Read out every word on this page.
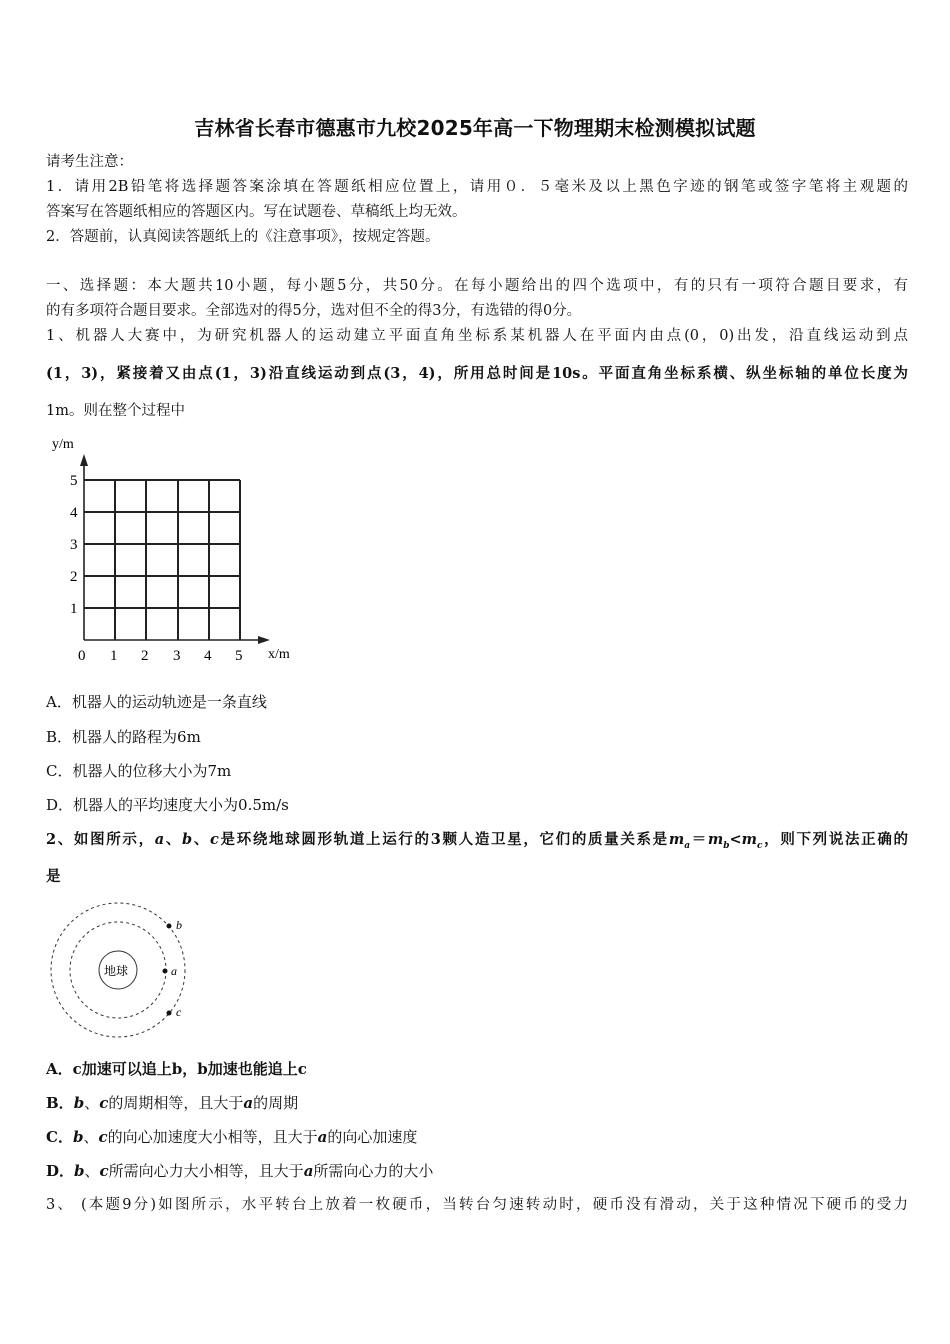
吉林省长春市德惠市九校2025年高一下物理期末检测模拟试题
请考生注意：
1．请用2B铅笔将选择题答案涂填在答题纸相应位置上，请用０．５毫米及以上黑色字迹的钢笔或签字笔将主观题的
答案写在答题纸相应的答题区内。写在试题卷、草稿纸上均无效。
2．答题前，认真阅读答题纸上的《注意事项》，按规定答题。
一、选择题：本大题共10小题，每小题5分，共50分。在每小题给出的四个选项中，有的只有一项符合题目要求，有
的有多项符合题目要求。全部选对的得5分，选对但不全的得3分，有选错的得0分。
1、机器人大赛中，为研究机器人的运动建立平面直角坐标系某机器人在平面内由点(0，0)出发，沿直线运动到点
(1，3)，紧接着又由点(1，3)沿直线运动到点(3，4)，所用总时间是10s。平面直角坐标系横、纵坐标轴的单位长度为
1m。则在整个过程中
y/m
x/m
0 1 2 3 4 5
1
2
3
4
5
A．机器人的运动轨迹是一条直线
B．机器人的路程为6m
C．机器人的位移大小为7m
D．机器人的平均速度大小为0.5m/s
2、如图所示，a、b、c是环绕地球圆形轨道上运行的3颗人造卫星，它们的质量关系是$m_a=m_b<m_c$，则下列说法正确的
是
地球
b
a
c
A．c加速可以追上b，b加速也能追上c
B．b、c的周期相等，且大于a的周期
C．b、c的向心加速度大小相等，且大于a的向心加速度
D．b、c所需向心力大小相等，且大于a所需向心力的大小
3、 (本题9分)如图所示，水平转台上放着一枚硬币，当转台匀速转动时，硬币没有滑动，关于这种情况下硬币的受力
